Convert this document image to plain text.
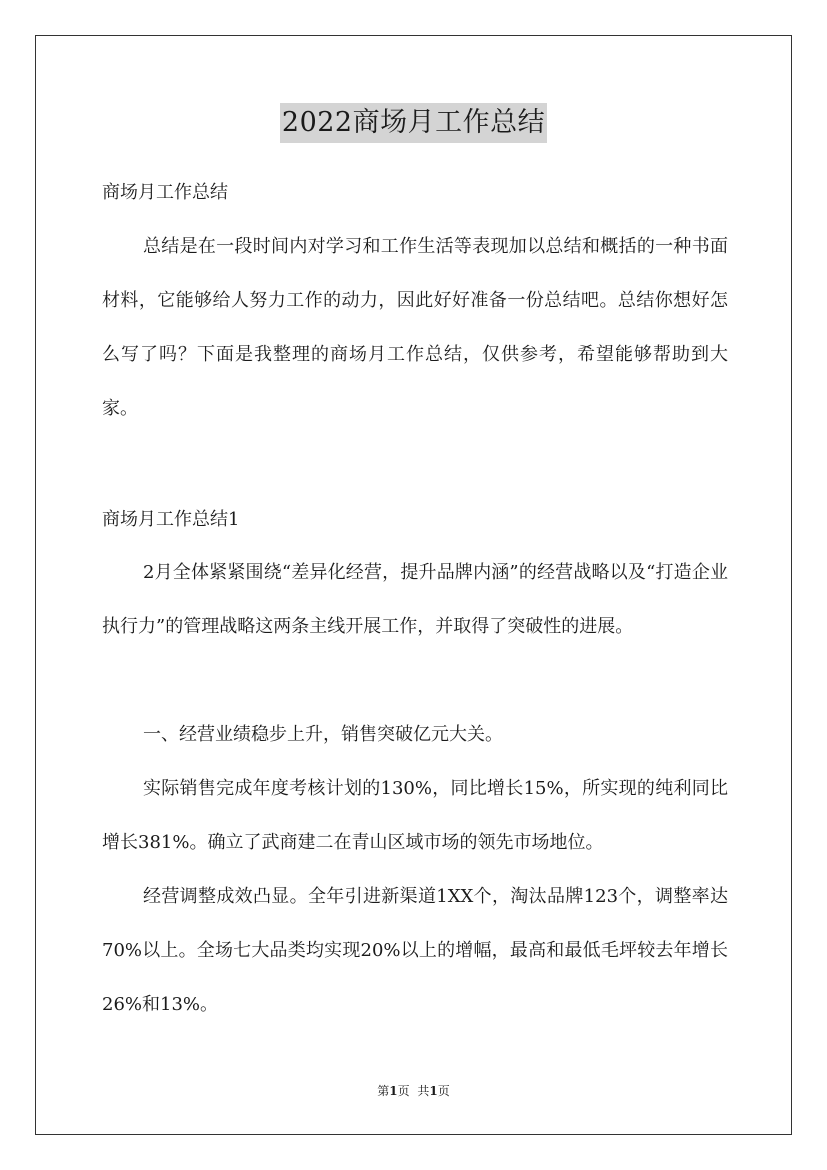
2022商场月工作总结
商场月工作总结

总结是在一段时间内对学习和工作生活等表现加以总结和概括的一种书面材料，它能够给人努力工作的动力，因此好好准备一份总结吧。总结你想好怎么写了吗？下面是我整理的商场月工作总结，仅供参考，希望能够帮助到大家。

商场月工作总结1

2月全体紧紧围绕“差异化经营，提升品牌内涵”的经营战略以及“打造企业执行力”的管理战略这两条主线开展工作，并取得了突破性的进展。

一、经营业绩稳步上升，销售突破亿元大关。

实际销售完成年度考核计划的130%，同比增长15%，所实现的纯利同比增长381%。确立了武商建二在青山区域市场的领先市场地位。

经营调整成效凸显。全年引进新渠道1XX个，淘汰品牌123个，调整率达70%以上。全场七大品类均实现20%以上的增幅，最高和最低毛坪较去年增长26%和13%。

第1页 共1页
